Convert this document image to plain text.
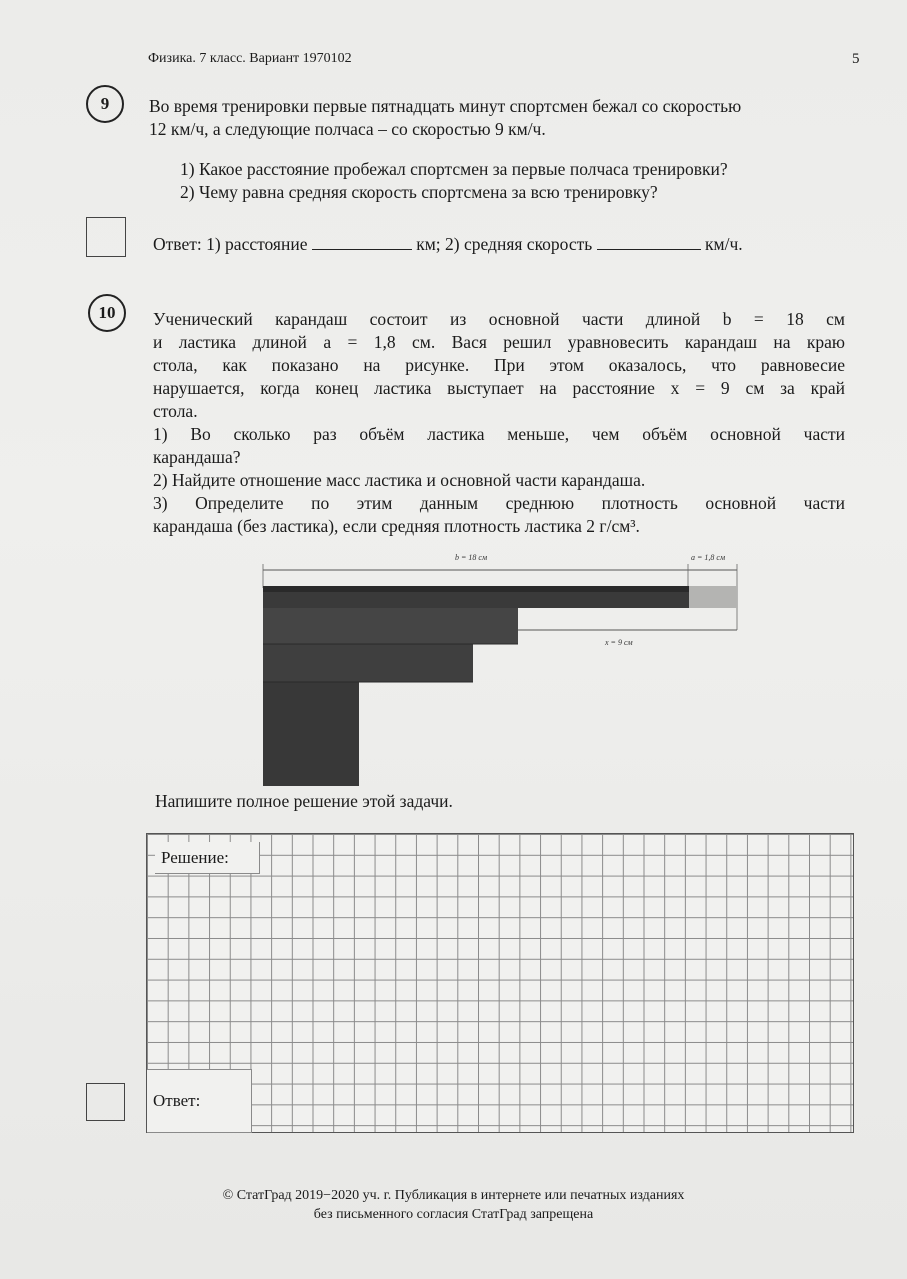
Физика. 7 класс. Вариант 1970102	5
9	Во время тренировки первые пятнадцать минут спортсмен бежал со скоростью
12 км/ч, а следующие полчаса – со скоростью 9 км/ч.
1) Какое расстояние пробежал спортсмен за первые полчаса тренировки?
2) Чему равна средняя скорость спортсмена за всю тренировку?
Ответ: 1) расстояние	км; 2) средняя скорость	км/ч.
10	Ученический карандаш состоит из основной части длиной b = 18 см
и ластика длиной a = 1,8 см. Вася решил уравновесить карандаш на краю
стола, как показано на рисунке. При этом оказалось, что равновесие
нарушается, когда конец ластика выступает на расстояние x = 9 см за край
стола.
1) Во сколько раз объём ластика меньше, чем объём основной части
карандаша?
2) Найдите отношение масс ластика и основной части карандаша.
3) Определите по этим данным среднюю плотность основной части
карандаша (без ластика), если средняя плотность ластика 2 г/см³.
b = 18 см	a = 1,8 см
x = 9 см
Напишите полное решение этой задачи.
Решение:
Ответ:
© СтатГрад 2019−2020 уч. г. Публикация в интернете или печатных изданиях
без письменного согласия СтатГрад запрещена
